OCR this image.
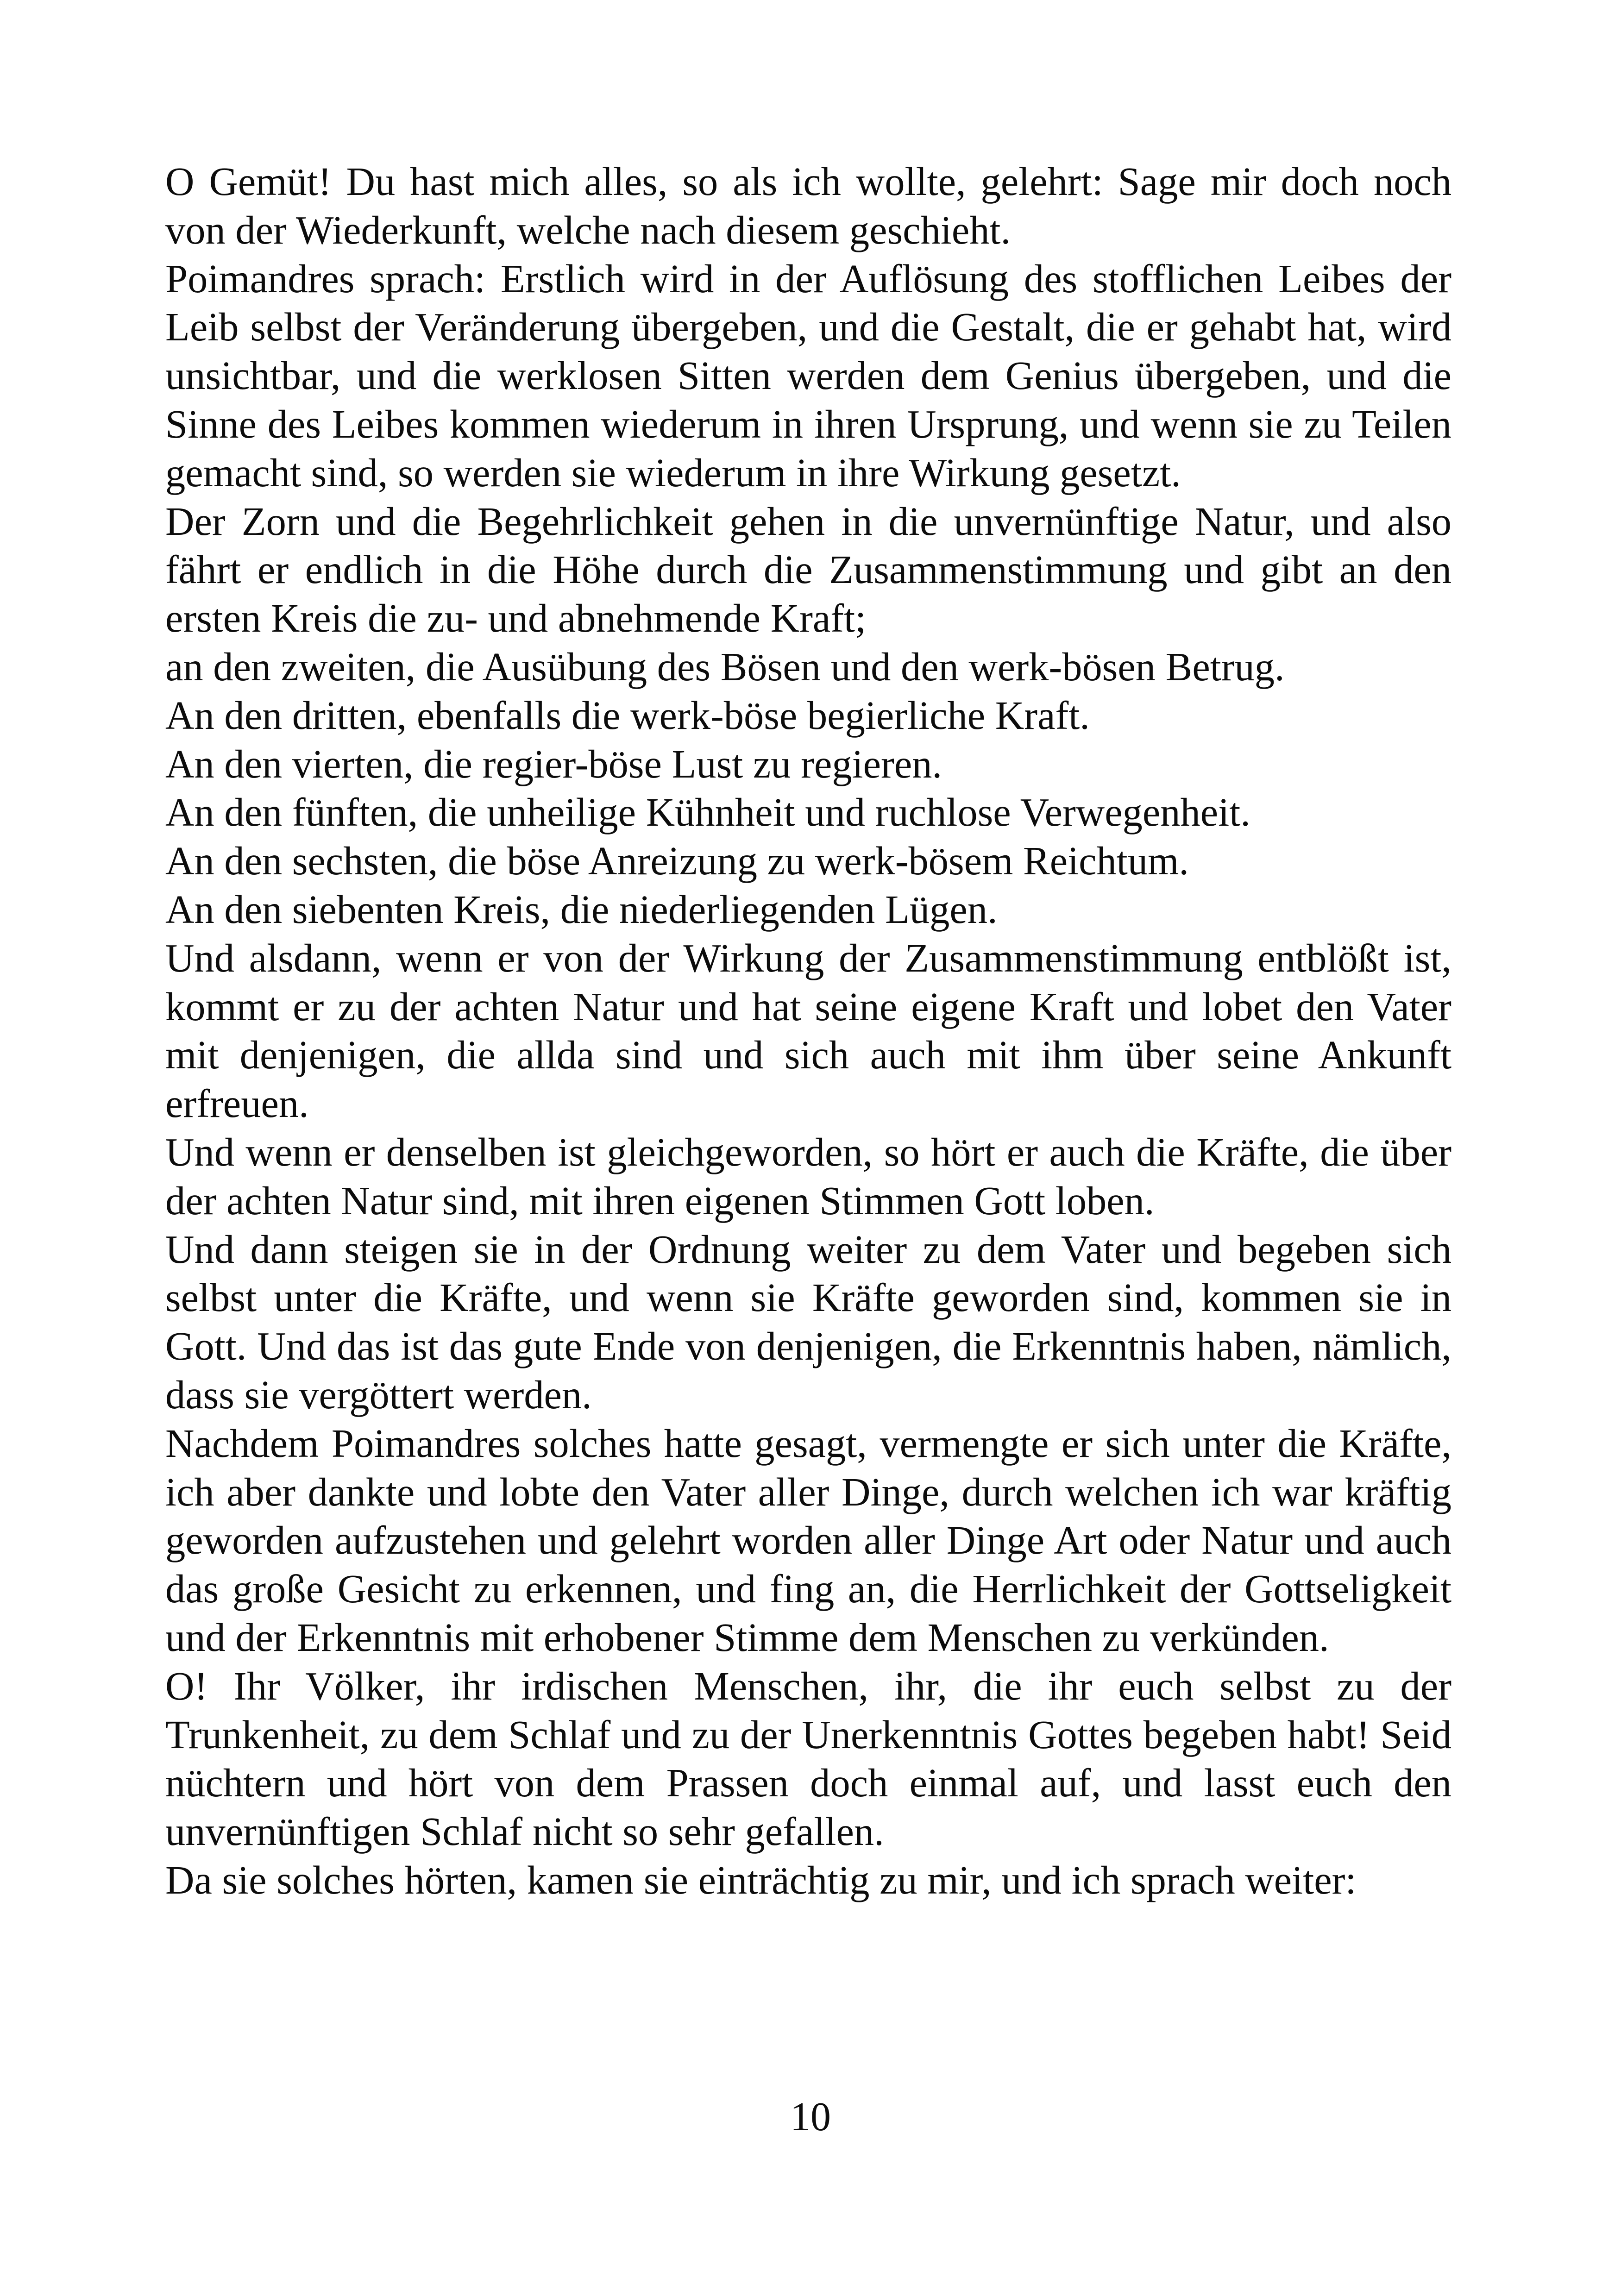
O Gemüt! Du hast mich alles, so als ich wollte, gelehrt: Sage mir doch noch von der Wiederkunft, welche nach diesem geschieht.

Poimandres sprach: Erstlich wird in der Auflösung des stofflichen Leibes der Leib selbst der Veränderung übergeben, und die Gestalt, die er gehabt hat, wird unsichtbar, und die werklosen Sitten werden dem Genius übergeben, und die Sinne des Leibes kommen wiederum in ihren Ursprung, und wenn sie zu Teilen gemacht sind, so werden sie wiederum in ihre Wirkung gesetzt.

Der Zorn und die Begehrlichkeit gehen in die unvernünftige Natur, und also fährt er endlich in die Höhe durch die Zusammenstimmung und gibt an den ersten Kreis die zu- und abnehmende Kraft;

an den zweiten, die Ausübung des Bösen und den werk-bösen Betrug.

An den dritten, ebenfalls die werk-böse begierliche Kraft.

An den vierten, die regier-böse Lust zu regieren.

An den fünften, die unheilige Kühnheit und ruchlose Verwegenheit.

An den sechsten, die böse Anreizung zu werk-bösem Reichtum.

An den siebenten Kreis, die niederliegenden Lügen.

Und alsdann, wenn er von der Wirkung der Zusammenstimmung entblößt ist, kommt er zu der achten Natur und hat seine eigene Kraft und lobet den Vater mit denjenigen, die allda sind und sich auch mit ihm über seine Ankunft erfreuen.

Und wenn er denselben ist gleichgeworden, so hört er auch die Kräfte, die über der achten Natur sind, mit ihren eigenen Stimmen Gott loben.

Und dann steigen sie in der Ordnung weiter zu dem Vater und begeben sich selbst unter die Kräfte, und wenn sie Kräfte geworden sind, kommen sie in Gott. Und das ist das gute Ende von denjenigen, die Erkenntnis haben, nämlich, dass sie vergöttert werden.

Nachdem Poimandres solches hatte gesagt, vermengte er sich unter die Kräfte, ich aber dankte und lobte den Vater aller Dinge, durch welchen ich war kräftig geworden aufzustehen und gelehrt worden aller Dinge Art oder Natur und auch das große Gesicht zu erkennen, und fing an, die Herrlichkeit der Gottseligkeit und der Erkenntnis mit erhobener Stimme dem Menschen zu verkünden.

O! Ihr Völker, ihr irdischen Menschen, ihr, die ihr euch selbst zu der Trunkenheit, zu dem Schlaf und zu der Unerkenntnis Gottes begeben habt! Seid nüchtern und hört von dem Prassen doch einmal auf, und lasst euch den unvernünftigen Schlaf nicht so sehr gefallen.

Da sie solches hörten, kamen sie einträchtig zu mir, und ich sprach weiter:

10
